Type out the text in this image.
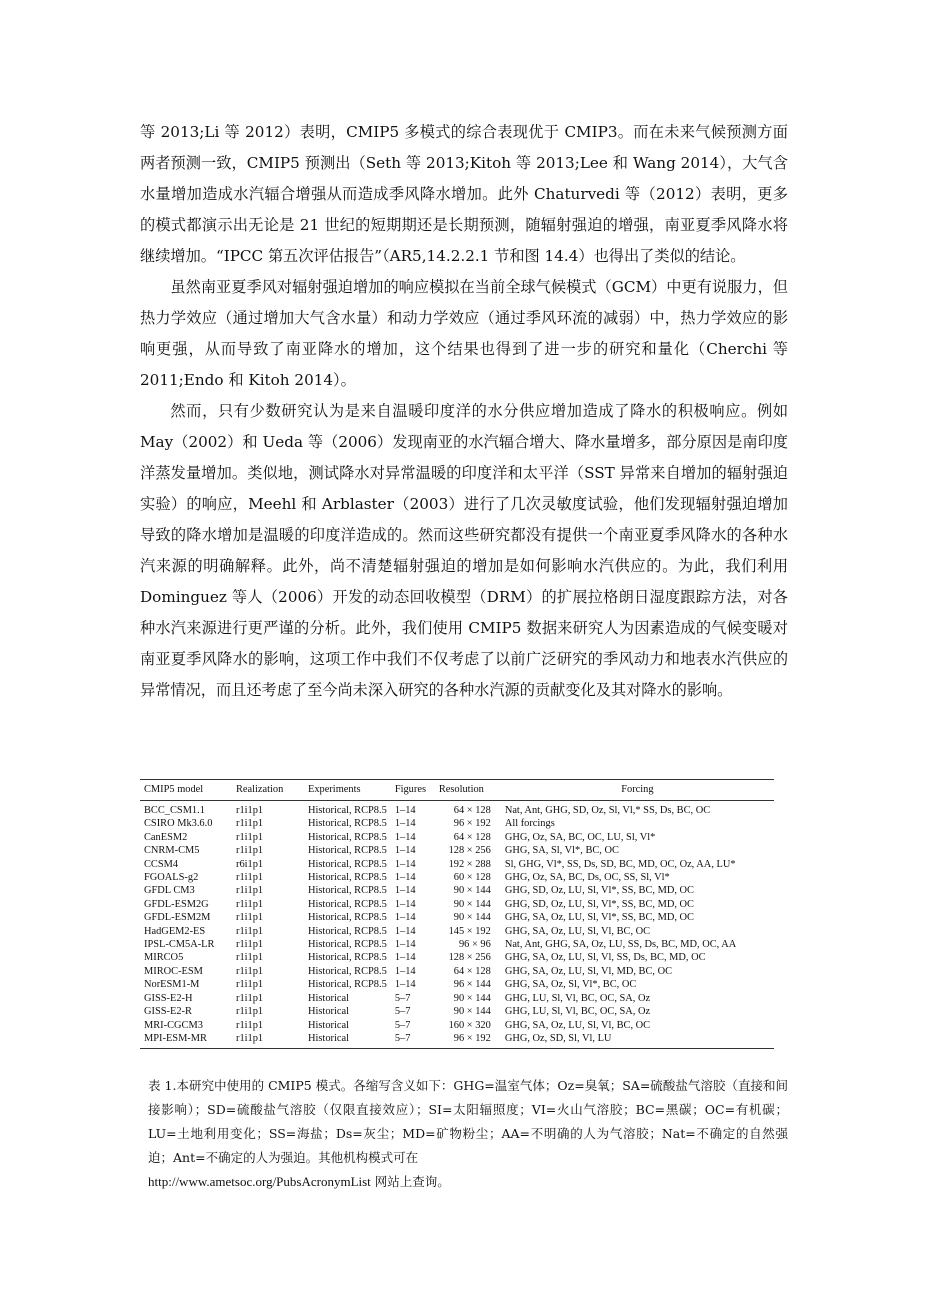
等 2013;Li 等 2012）表明，CMIP5 多模式的综合表现优于 CMIP3。而在未来气候预测方面两者预测一致，CMIP5 预测出（Seth 等 2013;Kitoh 等 2013;Lee 和 Wang 2014），大气含水量增加造成水汽辐合增强从而造成季风降水增加。此外 Chaturvedi 等（2012）表明，更多的模式都演示出无论是 21 世纪的短期期还是长期预测，随辐射强迫的增强，南亚夏季风降水将继续增加。“IPCC 第五次评估报告”（AR5,14.2.2.1 节和图 14.4）也得出了类似的结论。

虽然南亚夏季风对辐射强迫增加的响应模拟在当前全球气候模式（GCM）中更有说服力，但热力学效应（通过增加大气含水量）和动力学效应（通过季风环流的减弱）中，热力学效应的影响更强，从而导致了南亚降水的增加，这个结果也得到了进一步的研究和量化（Cherchi 等 2011;Endo 和 Kitoh 2014）。

然而，只有少数研究认为是来自温暖印度洋的水分供应增加造成了降水的积极响应。例如 May（2002）和 Ueda 等（2006）发现南亚的水汽辐合增大、降水量增多，部分原因是南印度洋蒸发量增加。类似地，测试降水对异常温暖的印度洋和太平洋（SST 异常来自增加的辐射强迫实验）的响应，Meehl 和 Arblaster（2003）进行了几次灵敏度试验，他们发现辐射强迫增加导致的降水增加是温暖的印度洋造成的。然而这些研究都没有提供一个南亚夏季风降水的各种水汽来源的明确解释。此外，尚不清楚辐射强迫的增加是如何影响水汽供应的。为此，我们利用 Dominguez 等人（2006）开发的动态回收模型（DRM）的扩展拉格朗日湿度跟踪方法，对各种水汽来源进行更严谨的分析。此外，我们使用 CMIP5 数据来研究人为因素造成的气候变暖对南亚夏季风降水的影响，这项工作中我们不仅考虑了以前广泛研究的季风动力和地表水汽供应的异常情况，而且还考虑了至今尚未深入研究的各种水汽源的贡献变化及其对降水的影响。

CMIP5 model	Realization	Experiments	Figures	Resolution	Forcing
BCC_CSM1.1	r1i1p1	Historical, RCP8.5	1–14	64 × 128	Nat, Ant, GHG, SD, Oz, Sl, Vl,* SS, Ds, BC, OC
CSIRO Mk3.6.0	r1i1p1	Historical, RCP8.5	1–14	96 × 192	All forcings
CanESM2	r1i1p1	Historical, RCP8.5	1–14	64 × 128	GHG, Oz, SA, BC, OC, LU, Sl, Vl*
CNRM-CM5	r1i1p1	Historical, RCP8.5	1–14	128 × 256	GHG, SA, Sl, Vl*, BC, OC
CCSM4	r6i1p1	Historical, RCP8.5	1–14	192 × 288	Sl, GHG, Vl*, SS, Ds, SD, BC, MD, OC, Oz, AA, LU*
FGOALS-g2	r1i1p1	Historical, RCP8.5	1–14	60 × 128	GHG, Oz, SA, BC, Ds, OC, SS, Sl, Vl*
GFDL CM3	r1i1p1	Historical, RCP8.5	1–14	90 × 144	GHG, SD, Oz, LU, Sl, Vl*, SS, BC, MD, OC
GFDL-ESM2G	r1i1p1	Historical, RCP8.5	1–14	90 × 144	GHG, SD, Oz, LU, Sl, Vl*, SS, BC, MD, OC
GFDL-ESM2M	r1i1p1	Historical, RCP8.5	1–14	90 × 144	GHG, SA, Oz, LU, Sl, Vl*, SS, BC, MD, OC
HadGEM2-ES	r1i1p1	Historical, RCP8.5	1–14	145 × 192	GHG, SA, Oz, LU, Sl, Vl, BC, OC
IPSL-CM5A-LR	r1i1p1	Historical, RCP8.5	1–14	96 × 96	Nat, Ant, GHG, SA, Oz, LU, SS, Ds, BC, MD, OC, AA
MIRCO5	r1i1p1	Historical, RCP8.5	1–14	128 × 256	GHG, SA, Oz, LU, Sl, Vl, SS, Ds, BC, MD, OC
MIROC-ESM	r1i1p1	Historical, RCP8.5	1–14	64 × 128	GHG, SA, Oz, LU, Sl, Vl, MD, BC, OC
NorESM1-M	r1i1p1	Historical, RCP8.5	1–14	96 × 144	GHG, SA, Oz, Sl, Vl*, BC, OC
GISS-E2-H	r1i1p1	Historical	5–7	90 × 144	GHG, LU, Sl, Vl, BC, OC, SA, Oz
GISS-E2-R	r1i1p1	Historical	5–7	90 × 144	GHG, LU, Sl, Vl, BC, OC, SA, Oz
MRI-CGCM3	r1i1p1	Historical	5–7	160 × 320	GHG, SA, Oz, LU, Sl, Vl, BC, OC
MPI-ESM-MR	r1i1p1	Historical	5–7	96 × 192	GHG, Oz, SD, Sl, Vl, LU
表 1.本研究中使用的 CMIP5 模式。各缩写含义如下：GHG=温室气体；Oz=臭氧；SA=硫酸盐气溶胶（直接和间接影响）；SD=硫酸盐气溶胶（仅限直接效应）；SI=太阳辐照度；VI=火山气溶胶；BC=黑碳；OC=有机碳；LU=土地利用变化；SS=海盐；Ds=灰尘；MD=矿物粉尘；AA=不明确的人为气溶胶；Nat=不确定的自然强迫；Ant=不确定的人为强迫。其他机构模式可在
http://www.ametsoc.org/PubsAcronymList 网站上查询。
